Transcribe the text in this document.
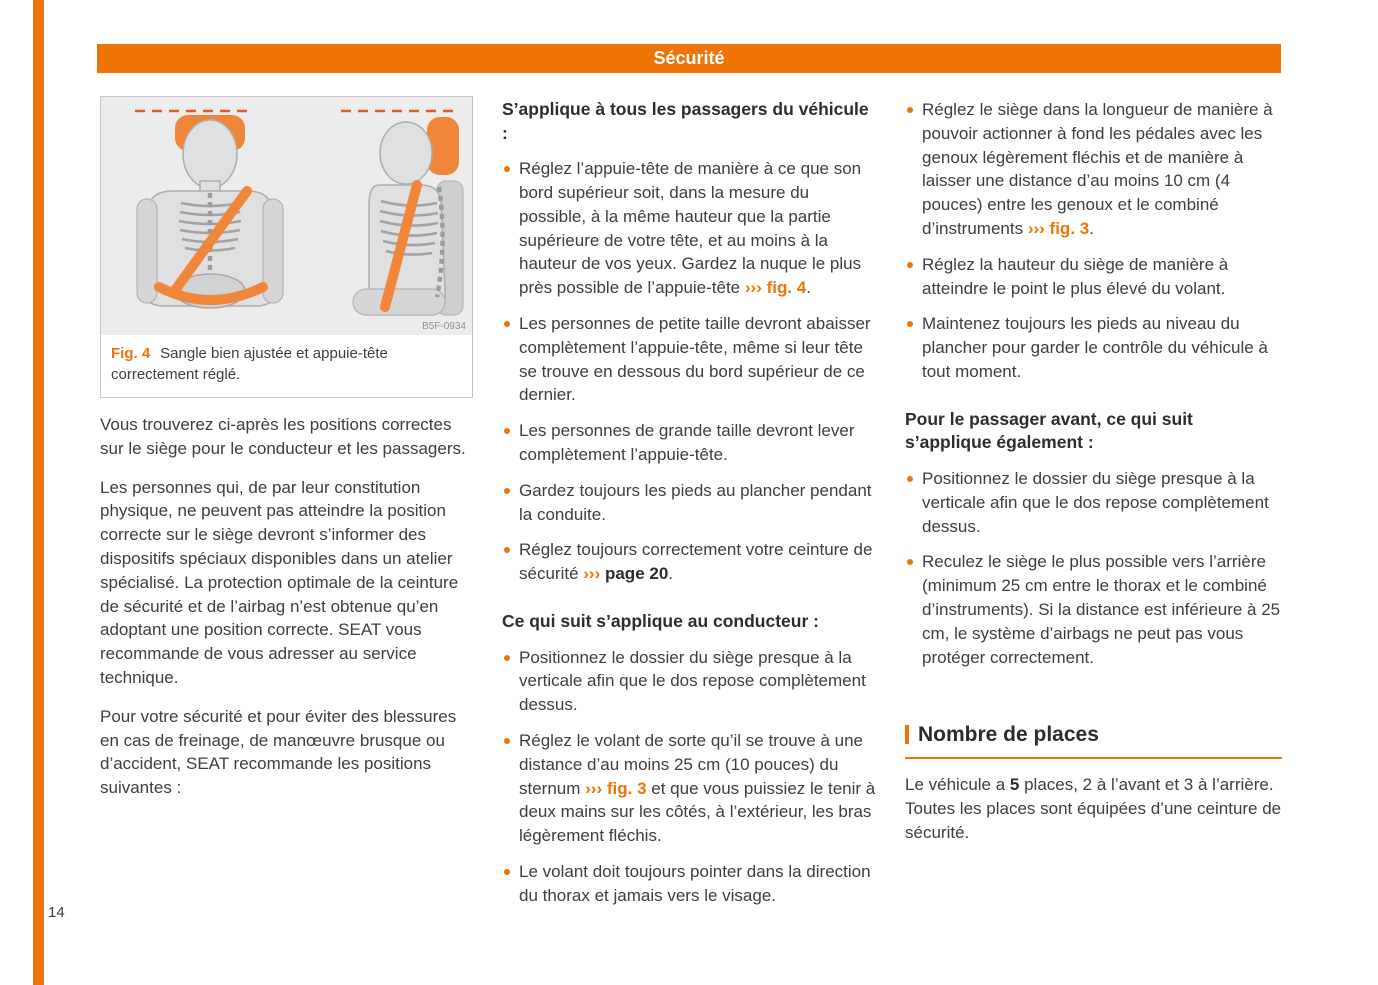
Sécurité
B5F-0934
Fig. 4 Sangle bien ajustée et appuie-tête correctement réglé.

Vous trouverez ci-après les positions correctes sur le siège pour le conducteur et les passagers.

Les personnes qui, de par leur constitution physique, ne peuvent pas atteindre la position correcte sur le siège devront s’informer des dispositifs spéciaux disponibles dans un atelier spécialisé. La protection optimale de la ceinture de sécurité et de l’airbag n’est obtenue qu’en adoptant une position correcte. SEAT vous recommande de vous adresser au service technique.

Pour votre sécurité et pour éviter des blessures en cas de freinage, de manœuvre brusque ou d’accident, SEAT recommande les positions suivantes :

S’applique à tous les passagers du véhicule :
Réglez l’appuie-tête de manière à ce que son bord supérieur soit, dans la mesure du possible, à la même hauteur que la partie supérieure de votre tête, et au moins à la hauteur de vos yeux. Gardez la nuque le plus près possible de l’appuie-tête ››› fig. 4.
Les personnes de petite taille devront abaisser complètement l’appuie-tête, même si leur tête se trouve en dessous du bord supérieur de ce dernier.
Les personnes de grande taille devront lever complètement l’appuie-tête.
Gardez toujours les pieds au plancher pendant la conduite.
Réglez toujours correctement votre ceinture de sécurité ››› page 20.
Ce qui suit s’applique au conducteur :
Positionnez le dossier du siège presque à la verticale afin que le dos repose complètement dessus.
Réglez le volant de sorte qu’il se trouve à une distance d’au moins 25 cm (10 pouces) du sternum ››› fig. 3 et que vous puissiez le tenir à deux mains sur les côtés, à l’extérieur, les bras légèrement fléchis.
Le volant doit toujours pointer dans la direction du thorax et jamais vers le visage.
Réglez le siège dans la longueur de manière à pouvoir actionner à fond les pédales avec les genoux légèrement fléchis et de manière à laisser une distance d’au moins 10 cm (4 pouces) entre les genoux et le combiné d’instruments ››› fig. 3.
Réglez la hauteur du siège de manière à atteindre le point le plus élevé du volant.
Maintenez toujours les pieds au niveau du plancher pour garder le contrôle du véhicule à tout moment.
Pour le passager avant, ce qui suit s’applique également :
Positionnez le dossier du siège presque à la verticale afin que le dos repose complètement dessus.
Reculez le siège le plus possible vers l’arrière (minimum 25 cm entre le thorax et le combiné d’instruments). Si la distance est inférieure à 25 cm, le système d’airbags ne peut pas vous protéger correctement.
Nombre de places

Le véhicule a 5 places, 2 à l’avant et 3 à l’arrière. Toutes les places sont équipées d’une ceinture de sécurité.

14
